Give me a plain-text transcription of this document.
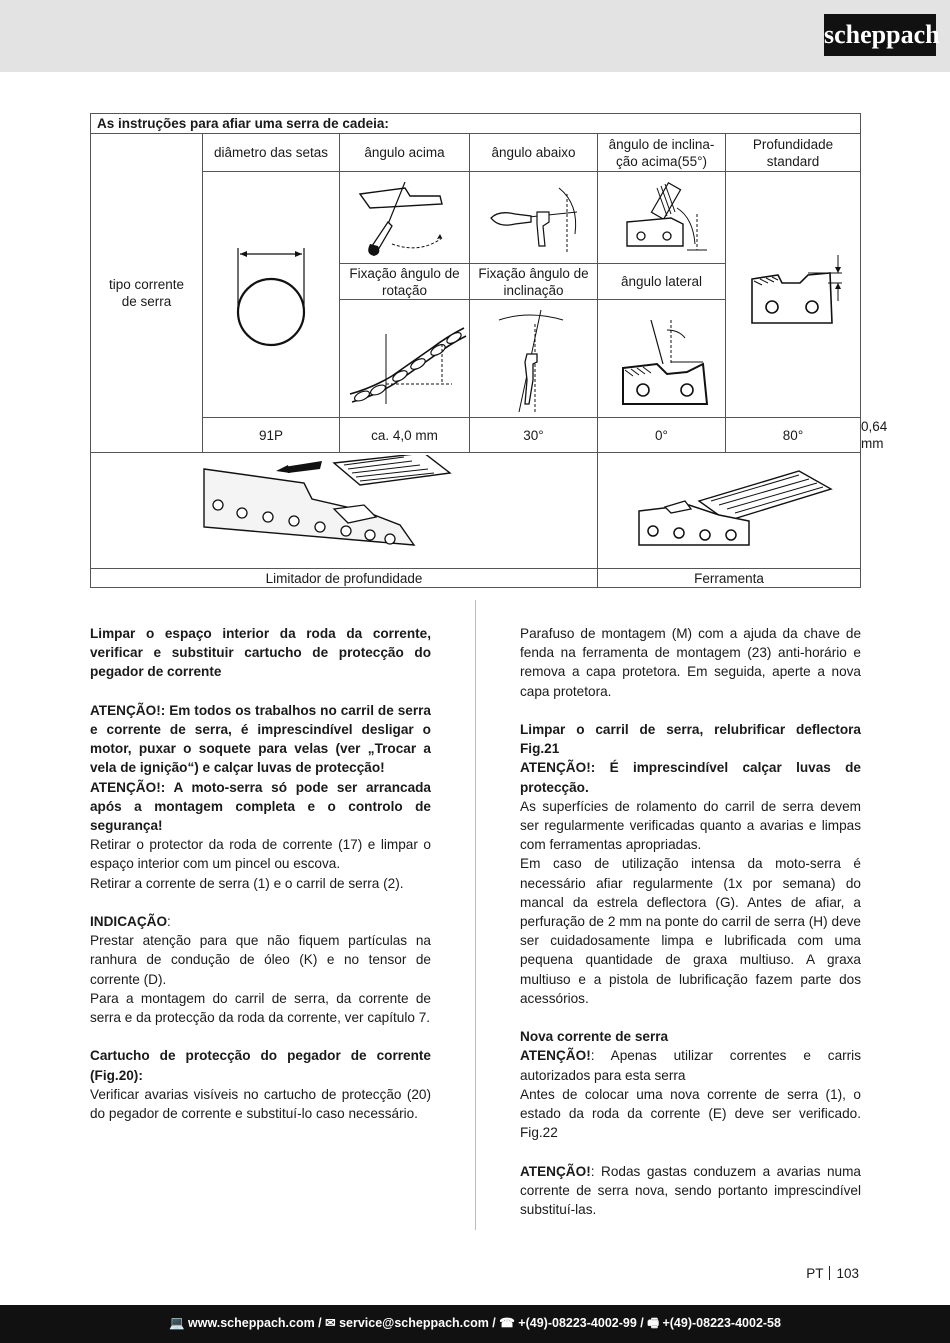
scheppach
As instruções para afiar uma serra de cadeia:						
tipo corrente de serra	diâmetro das setas	ângulo acima	ângulo abaixo	ângulo de inclina-ção acima(55°)	Profundidade standard	

		Fixação ângulo de rotação	Fixação ângulo de inclinação	ângulo lateral		

	91P	ca. 4,0 mm	30°	0°	80°	0,64 mm

Limitador de profundidade				Ferramenta		

Limpar o espaço interior da roda da corrente, verificar e substituir cartucho de protecção do pegador de corrente

ATENÇÃO!: Em todos os trabalhos no carril de serra e corrente de serra, é imprescindível desligar o motor, puxar o soquete para velas (ver „Trocar a vela de ignição“) e calçar luvas de protecção!

ATENÇÃO!: A moto-serra só pode ser arrancada após a montagem completa e o controlo de segurança!

Retirar o protector da roda de corrente (17) e limpar o espaço interior com um pincel ou escova.

Retirar a corrente de serra (1) e o carril de serra (2).

INDICAÇÃO:

Prestar atenção para que não fiquem partículas na ranhura de condução de óleo (K) e no tensor de corrente (D).

Para a montagem do carril de serra, da corrente de serra e da protecção da roda da corrente, ver capítulo 7.

Cartucho de protecção do pegador de corrente (Fig.20):

Verificar avarias visíveis no cartucho de protecção (20) do pegador de corrente e substituí-lo caso necessário.

Parafuso de montagem (M) com a ajuda da chave de fenda na ferramenta de montagem (23) anti-horário e remova a capa protetora. Em seguida, aperte a nova capa protetora.

Limpar o carril de serra, relubrificar deflectora Fig.21

ATENÇÃO!: É imprescindível calçar luvas de protecção.

As superfícies de rolamento do carril de serra devem ser regularmente verificadas quanto a avarias e limpas com ferramentas apropriadas.

Em caso de utilização intensa da moto-serra é necessário afiar regularmente (1x por semana) do mancal da estrela deflectora (G). Antes de afiar, a perfuração de 2 mm na ponte do carril de serra (H) deve ser cuidadosamente limpa e lubrificada com uma pequena quantidade de graxa multiuso. A graxa multiuso e a pistola de lubrificação fazem parte dos acessórios.

Nova corrente de serra

ATENÇÃO!: Apenas utilizar correntes e carris autorizados para esta serra

Antes de colocar uma nova corrente de serra (1), o estado da roda da corrente (E) deve ser verificado. Fig.22

ATENÇÃO!: Rodas gastas conduzem a avarias numa corrente de serra nova, sendo portanto imprescindível substituí-las.

PT 103
💻 www.scheppach.com / ✉ service@scheppach.com / ☎ +(49)-08223-4002-99 / 🖷 +(49)-08223-4002-58
